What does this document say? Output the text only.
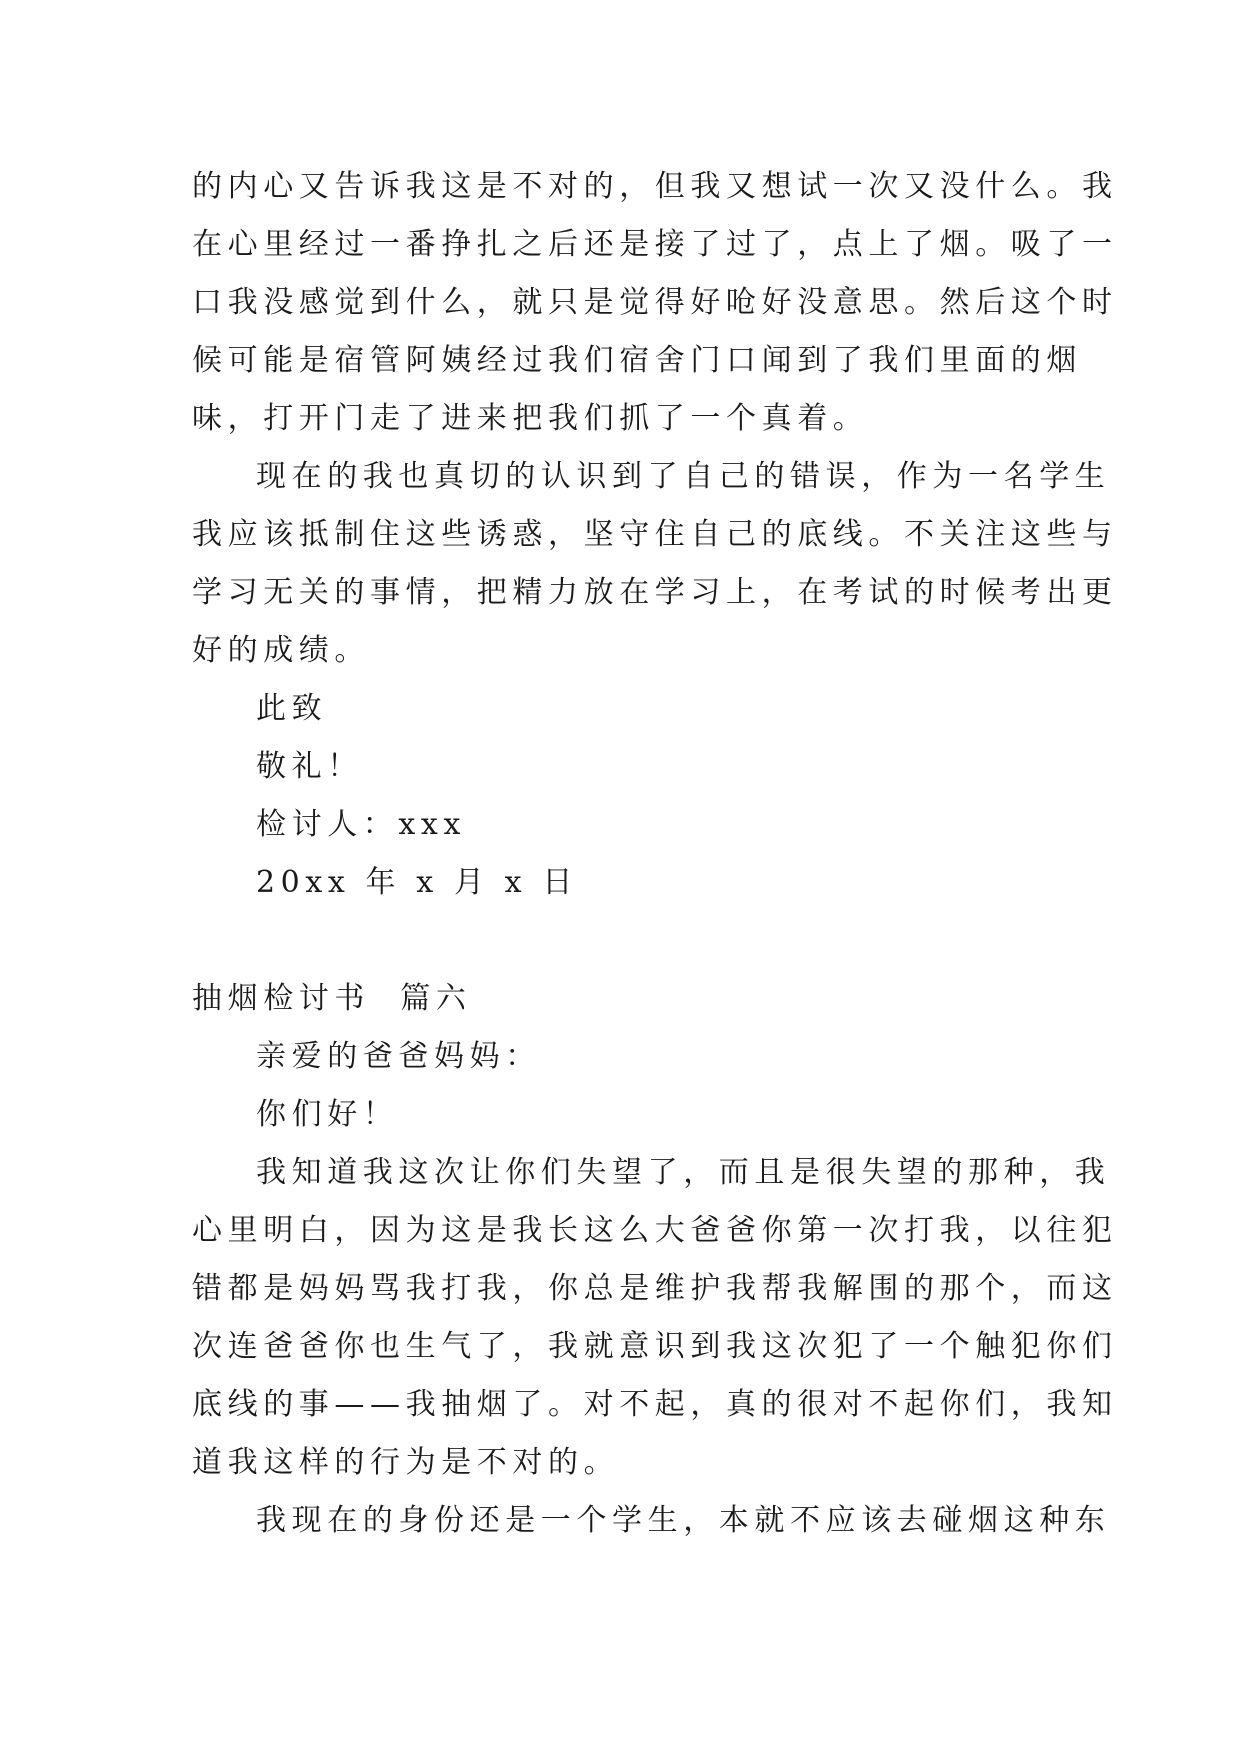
的内心又告诉我这是不对的，但我又想试一次又没什么。我
在心里经过一番挣扎之后还是接了过了，点上了烟。吸了一
口我没感觉到什么，就只是觉得好呛好没意思。然后这个时
候可能是宿管阿姨经过我们宿舍门口闻到了我们里面的烟
味，打开门走了进来把我们抓了一个真着。
现在的我也真切的认识到了自己的错误，作为一名学生
我应该抵制住这些诱惑，坚守住自己的底线。不关注这些与
学习无关的事情，把精力放在学习上，在考试的时候考出更
好的成绩。
此致
敬礼！
检讨人：xxx
20xx 年 x 月 x 日
抽烟检讨书  篇六
亲爱的爸爸妈妈：
你们好！
我知道我这次让你们失望了，而且是很失望的那种，我
心里明白，因为这是我长这么大爸爸你第一次打我，以往犯
错都是妈妈骂我打我，你总是维护我帮我解围的那个，而这
次连爸爸你也生气了，我就意识到我这次犯了一个触犯你们
底线的事——我抽烟了。对不起，真的很对不起你们，我知
道我这样的行为是不对的。
我现在的身份还是一个学生，本就不应该去碰烟这种东
